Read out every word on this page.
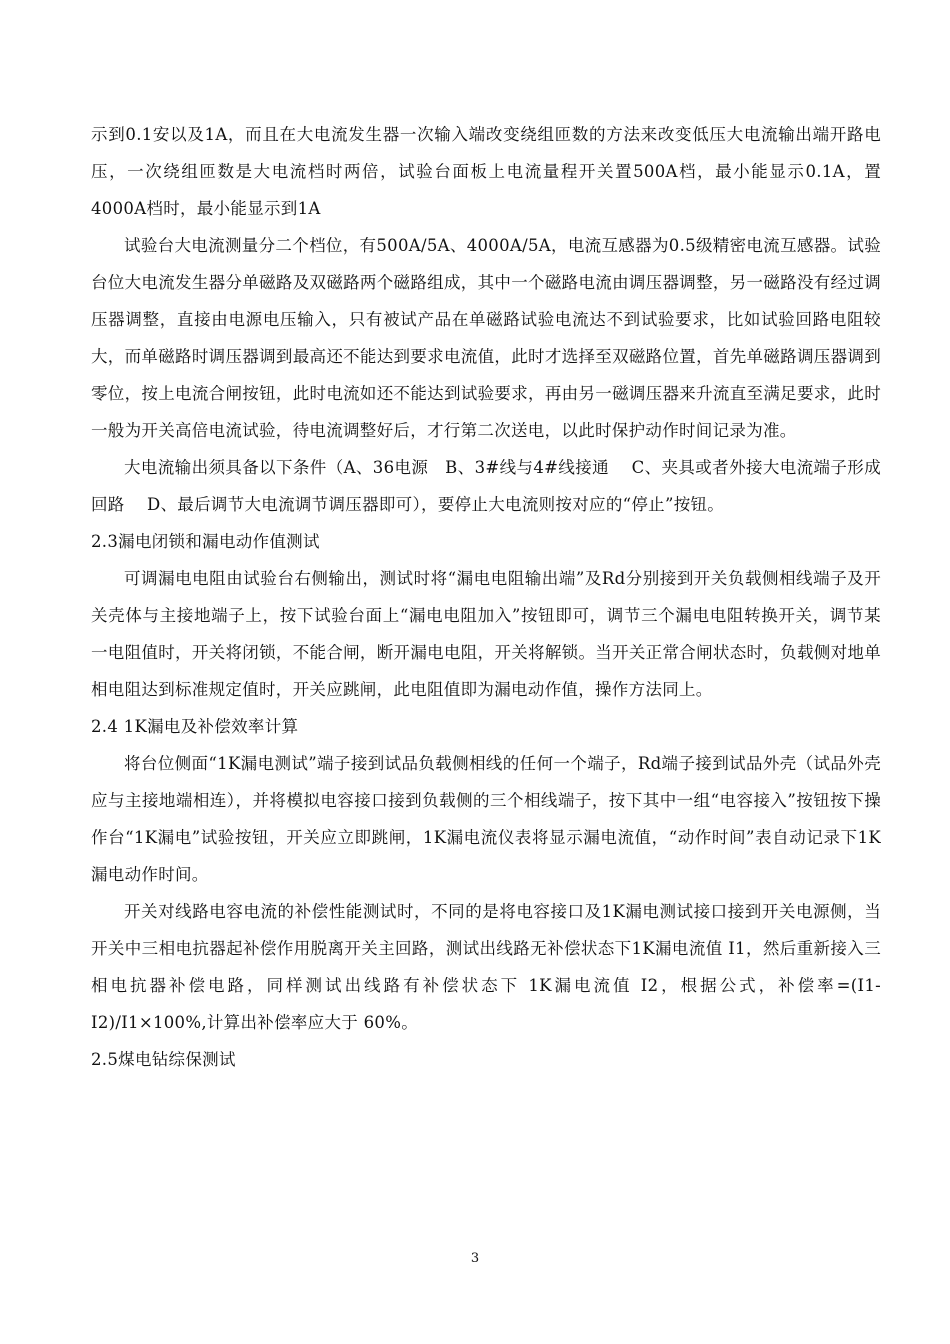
示到0.1安以及1A，而且在大电流发生器一次输入端改变绕组匝数的方法来改变低压大电流输出端开路电压，一次绕组匝数是大电流档时两倍，试验台面板上电流量程开关置500A档，最小能显示0.1A，置4000A档时，最小能显示到1A

试验台大电流测量分二个档位，有500A/5A、4000A/5A，电流互感器为0.5级精密电流互感器。试验台位大电流发生器分单磁路及双磁路两个磁路组成，其中一个磁路电流由调压器调整，另一磁路没有经过调压器调整，直接由电源电压输入，只有被试产品在单磁路试验电流达不到试验要求，比如试验回路电阻较大，而单磁路时调压器调到最高还不能达到要求电流值，此时才选择至双磁路位置，首先单磁路调压器调到零位，按上电流合闸按钮，此时电流如还不能达到试验要求，再由另一磁调压器来升流直至满足要求，此时一般为开关高倍电流试验，待电流调整好后，才行第二次送电，以此时保护动作时间记录为准。

大电流输出须具备以下条件（A、36电源　B、3#线与4#线接通　 C、夹具或者外接大电流端子形成回路　 D、最后调节大电流调节调压器即可），要停止大电流则按对应的“停止”按钮。

2.3漏电闭锁和漏电动作值测试

可调漏电电阻由试验台右侧输出，测试时将“漏电电阻输出端”及Rd分别接到开关负载侧相线端子及开关壳体与主接地端子上，按下试验台面上“漏电电阻加入”按钮即可，调节三个漏电电阻转换开关，调节某一电阻值时，开关将闭锁，不能合闸，断开漏电电阻，开关将解锁。当开关正常合闸状态时，负载侧对地单相电阻达到标准规定值时，开关应跳闸，此电阻值即为漏电动作值，操作方法同上。

2.4 1K漏电及补偿效率计算

将台位侧面“1K漏电测试”端子接到试品负载侧相线的任何一个端子，Rd端子接到试品外壳（试品外壳应与主接地端相连），并将模拟电容接口接到负载侧的三个相线端子，按下其中一组“电容接入”按钮按下操作台“1K漏电”试验按钮，开关应立即跳闸，1K漏电流仪表将显示漏电流值，“动作时间”表自动记录下1K漏电动作时间。

开关对线路电容电流的补偿性能测试时，不同的是将电容接口及1K漏电测试接口接到开关电源侧，当开关中三相电抗器起补偿作用脱离开关主回路，测试出线路无补偿状态下1K漏电流值 I1，然后重新接入三相电抗器补偿电路，同样测试出线路有补偿状态下 1K漏电流值 I2，根据公式，补偿率=(I1-I2)/I1×100%,计算出补偿率应大于 60%。

2.5煤电钻综保测试
3
